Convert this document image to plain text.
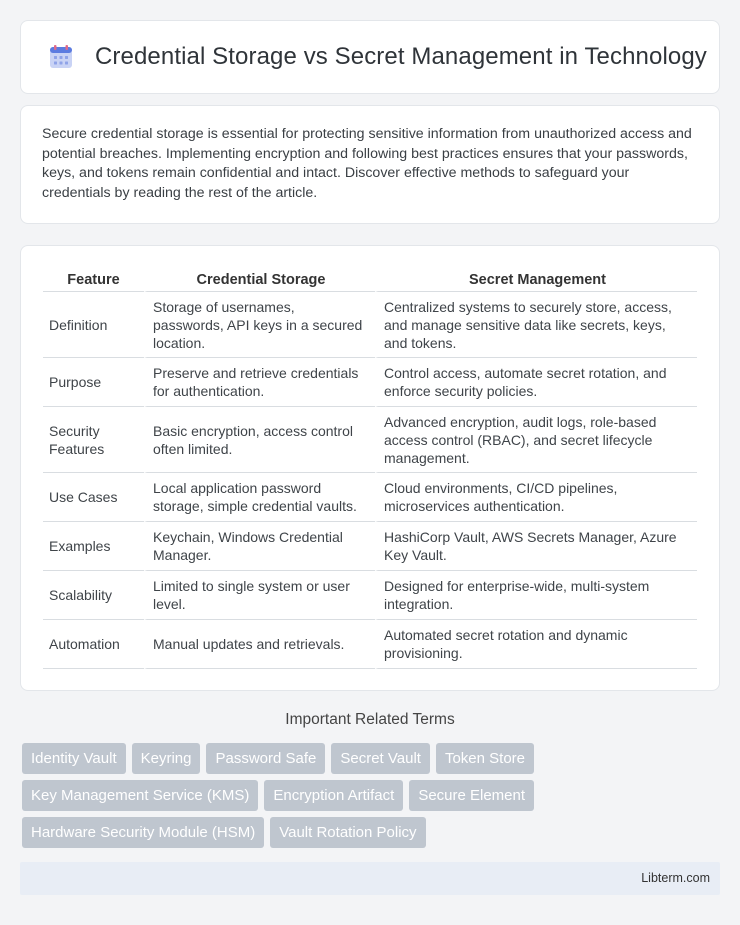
Credential Storage vs Secret Management in Technology

Secure credential storage is essential for protecting sensitive information from unauthorized access and potential breaches. Implementing encryption and following best practices ensures that your passwords, keys, and tokens remain confidential and intact. Discover effective methods to safeguard your credentials by reading the rest of the article.

Feature	Credential Storage	Secret Management
Definition	Storage of usernames, passwords, API keys in a secured location.	Centralized systems to securely store, access, and manage sensitive data like secrets, keys, and tokens.
Purpose	Preserve and retrieve credentials for authentication.	Control access, automate secret rotation, and enforce security policies.
Security Features	Basic encryption, access control often limited.	Advanced encryption, audit logs, role-based access control (RBAC), and secret lifecycle management.
Use Cases	Local application password storage, simple credential vaults.	Cloud environments, CI/CD pipelines, microservices authentication.
Examples	Keychain, Windows Credential Manager.	HashiCorp Vault, AWS Secrets Manager, Azure Key Vault.
Scalability	Limited to single system or user level.	Designed for enterprise-wide, multi-system integration.
Automation	Manual updates and retrievals.	Automated secret rotation and dynamic provisioning.
Important Related Terms
Identity Vault	Keyring	Password Safe	Secret Vault	Token Store
Key Management Service (KMS)	Encryption Artifact	Secure Element
Hardware Security Module (HSM)	Vault Rotation Policy
Libterm.com
